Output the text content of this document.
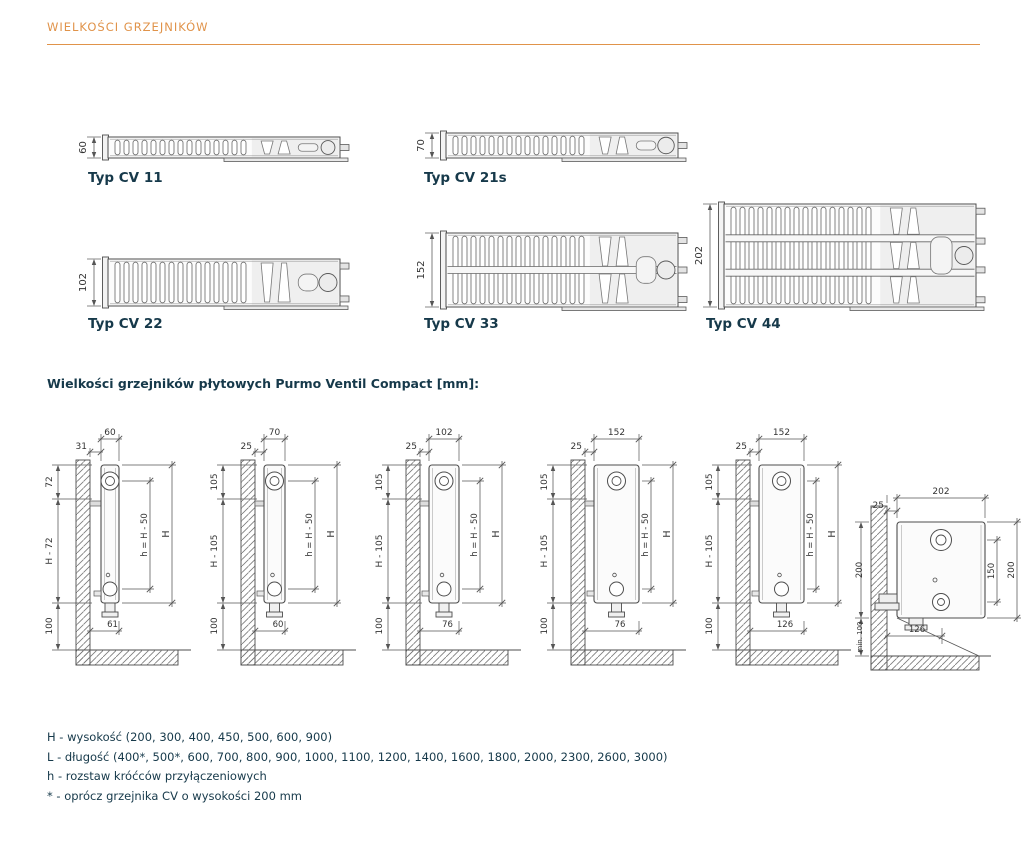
WIELKOŚCI GRZEJNIKÓW
60	70
102
152
202
Typ CV 11	Typ CV 21s
Typ CV 22	Typ CV 33	Typ CV 44
Wielkości grzejników płytowych Purmo Ventil Compact [mm]:
72
H - 72
100
60
31
h = H - 50 H
61
105
H - 105
100
70
25
h = H - 50 H
60
105
H - 105
100
102
25
h = H - 50 H
76
105
H - 105
100
152
25
h = H - 50 H
76
105
H - 105
100
152
25
h = H - 50 H
126
200
min. 100
202
25
150 200
126
H - wysokość (200, 300, 400, 450, 500, 600, 900)
L - długość (400*, 500*, 600, 700, 800, 900, 1000, 1100, 1200, 1400, 1600, 1800, 2000, 2300, 2600, 3000)
h - rozstaw króćców przyłączeniowych
* - oprócz grzejnika CV o wysokości 200 mm
